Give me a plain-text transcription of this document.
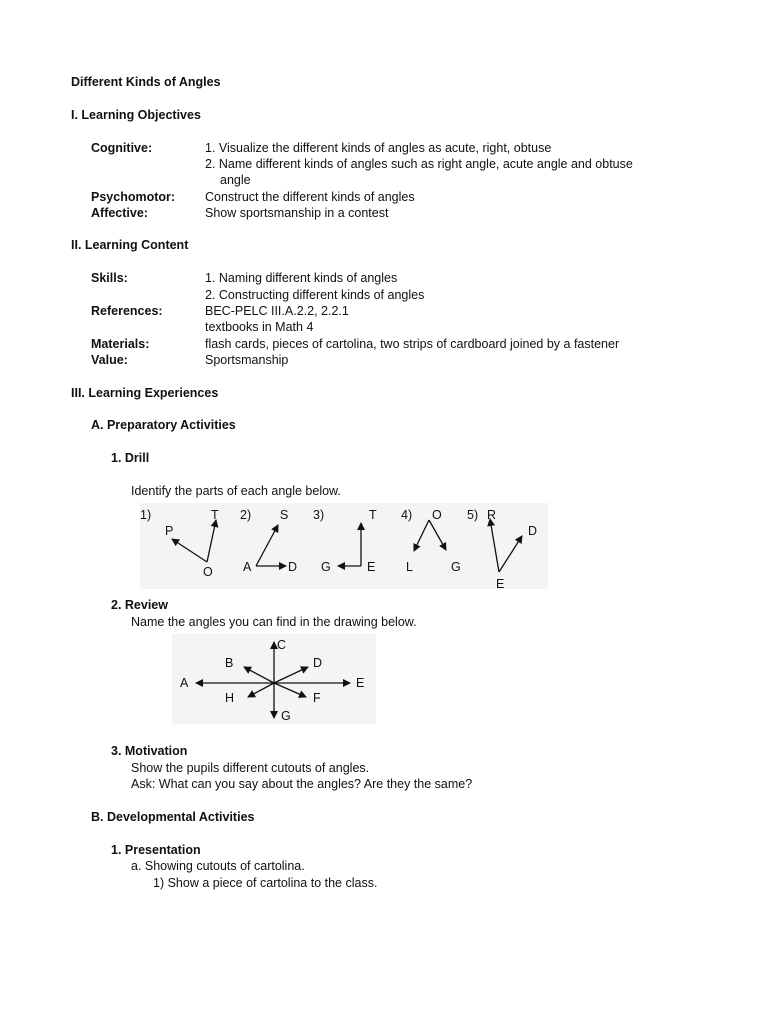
Different Kinds of Angles
I. Learning Objectives
Cognitive:	1. Visualize the different kinds of angles as acute, right, obtuse
2. Name different kinds of angles such as right angle, acute angle and obtuse
angle
Psychomotor: Construct the different kinds of angles
Affective:	Show sportsmanship in a contest
II. Learning Content
Skills:	1. Naming different kinds of angles
2. Constructing different kinds of angles
References:	BEC-PELC III.A.2.2, 2.2.1
textbooks in Math 4
Materials:	flash cards, pieces of cartolina, two strips of cardboard joined by a fastener
Value:	Sportsmanship
III. Learning Experiences
A. Preparatory Activities
1. Drill
Identify the parts of each angle below.
1)	2)	3)	4)	5)
P
T
O
S
A	D
T
G	E
O
L	G
R
D
E
2. Review
Name the angles you can find in the drawing below.
C
B	D
A	E
H	F
G
3. Motivation
Show the pupils different cutouts of angles.
Ask: What can you say about the angles? Are they the same?
B. Developmental Activities
1. Presentation
a. Showing cutouts of cartolina.
1) Show a piece of cartolina to the class.
